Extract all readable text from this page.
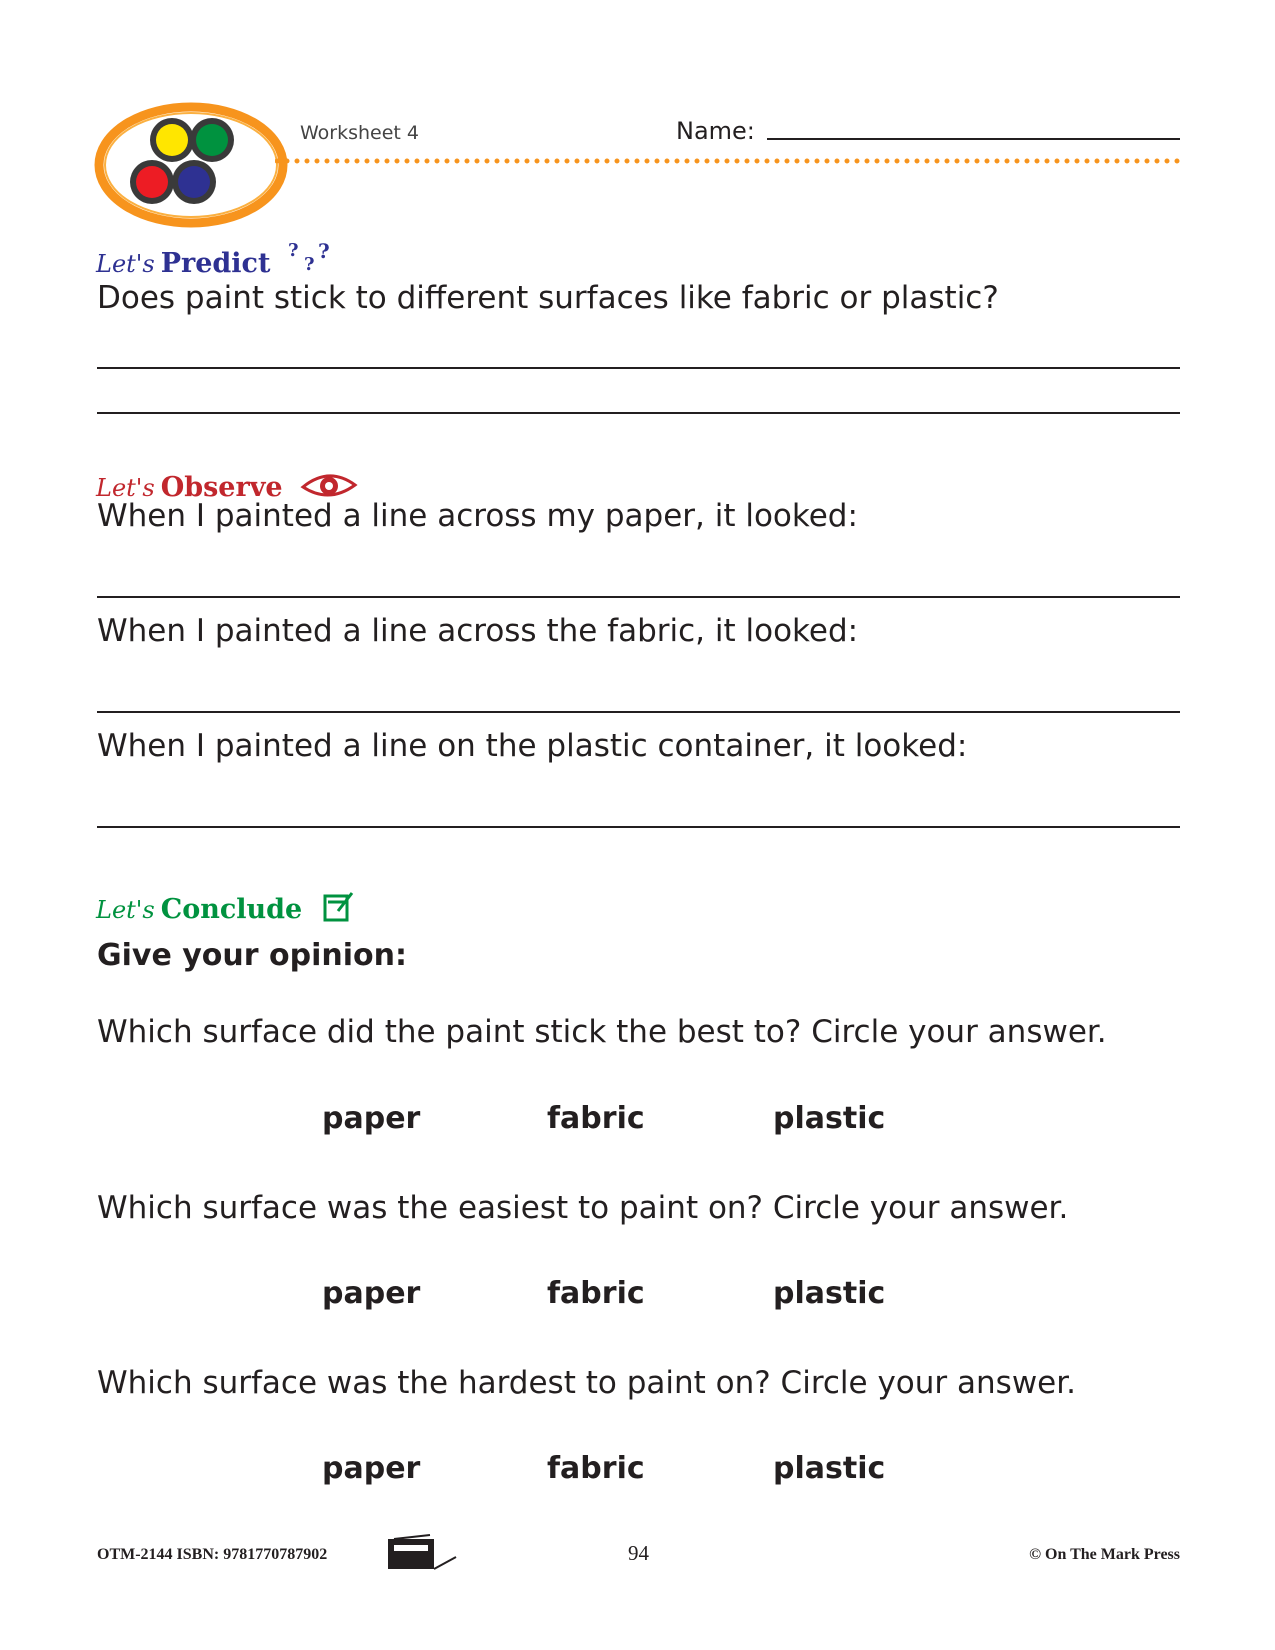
Worksheet 4	Name:
Let's Predict ?
?
?
Does paint stick to different surfaces like fabric or plastic?
Let's Observe
When I painted a line across my paper, it looked:
When I painted a line across the fabric, it looked:
When I painted a line on the plastic container, it looked:
Let's Conclude
Give your opinion:
Which surface did the paint stick the best to? Circle your answer.
paper	fabric	plastic
Which surface was the easiest to paint on? Circle your answer.
paper	fabric	plastic
Which surface was the hardest to paint on? Circle your answer.
paper	fabric	plastic
OTM-2144 ISBN: 9781770787902	94	© On The Mark Press
